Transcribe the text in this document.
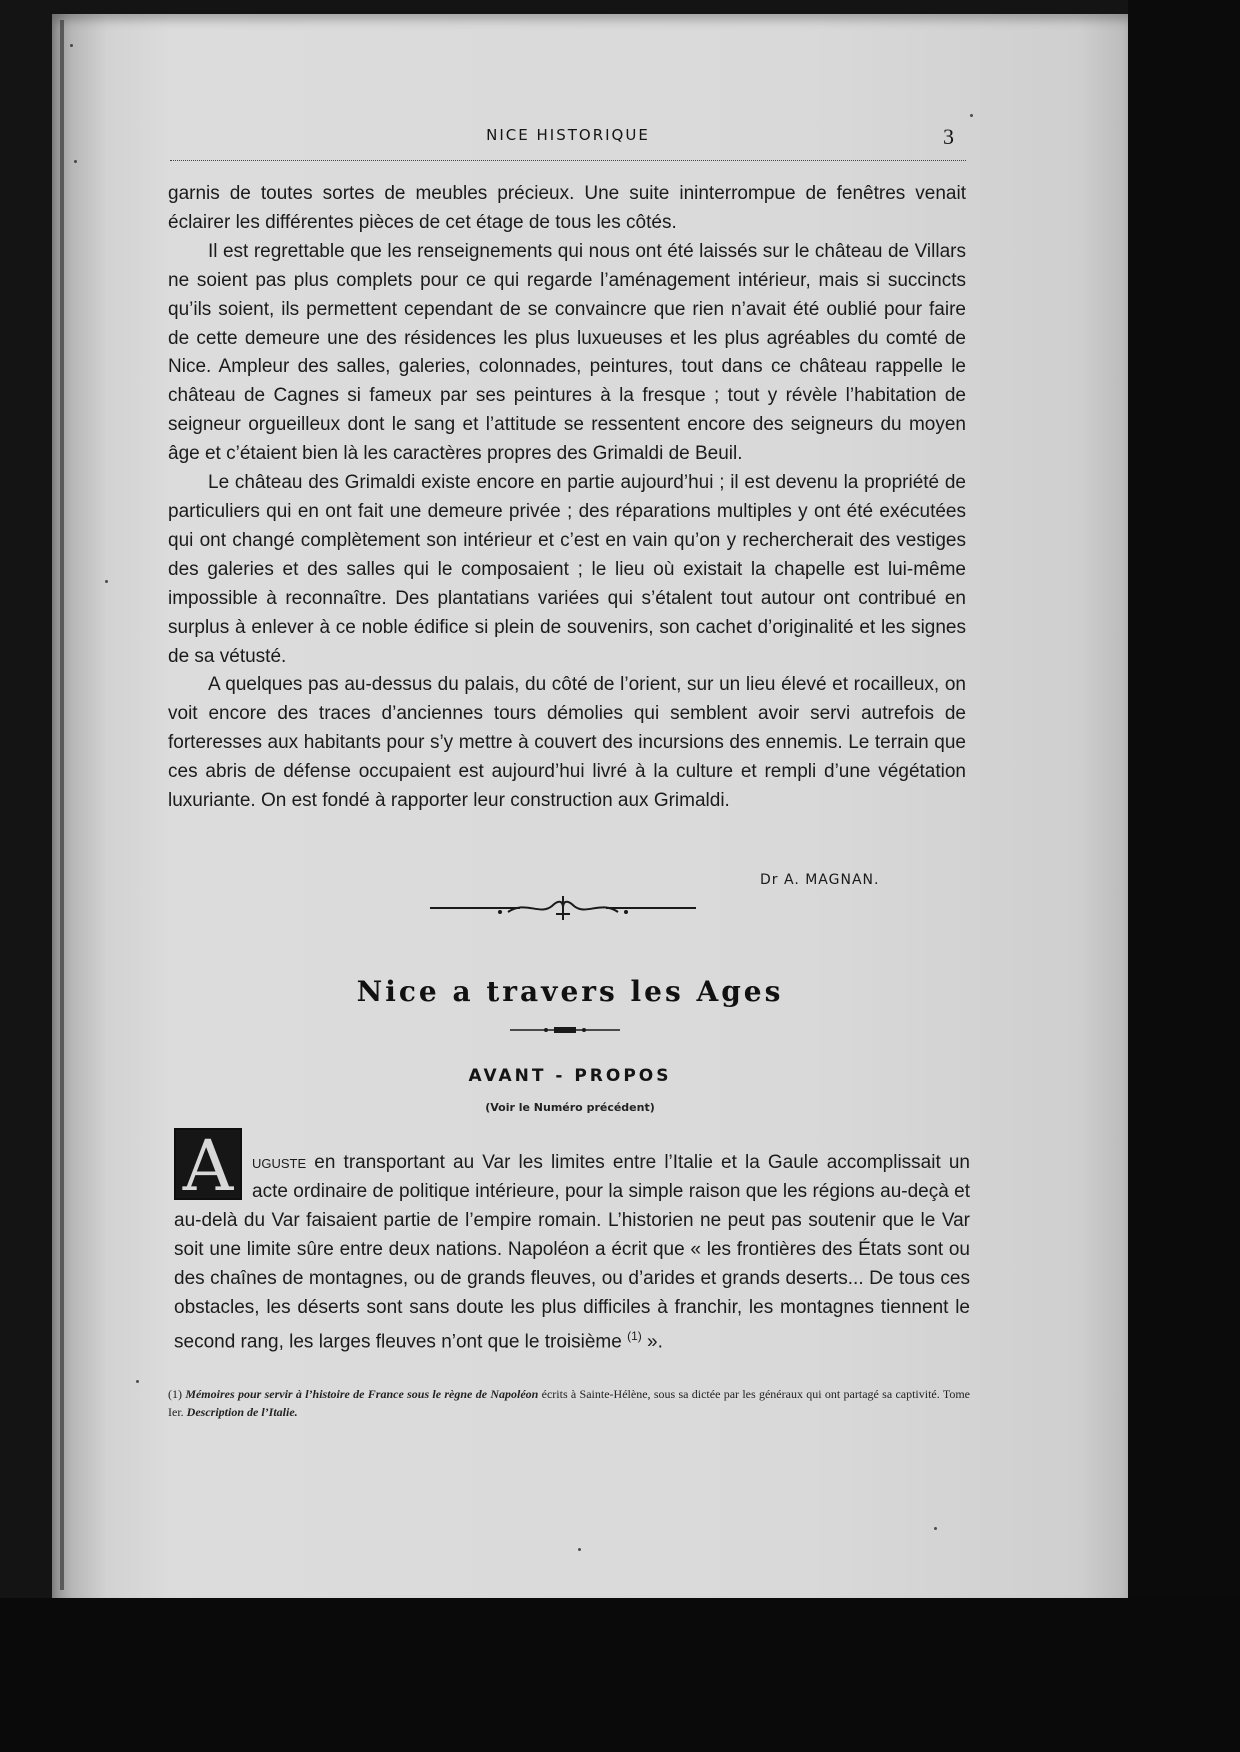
NICE HISTORIQUE	3

garnis de toutes sortes de meubles précieux. Une suite ininterrompue de fenêtres venait éclairer les différentes pièces de cet étage de tous les côtés.

Il est regrettable que les renseignements qui nous ont été laissés sur le château de Villars ne soient pas plus complets pour ce qui regarde l’aménagement intérieur, mais si succincts qu’ils soient, ils permettent cependant de se convaincre que rien n’avait été oublié pour faire de cette demeure une des résidences les plus luxueuses et les plus agréables du comté de Nice. Ampleur des salles, galeries, colonnades, peintures, tout dans ce château rappelle le château de Cagnes si fameux par ses peintures à la fresque ; tout y révèle l’habitation de seigneur orgueilleux dont le sang et l’attitude se ressentent encore des seigneurs du moyen âge et c’étaient bien là les caractères propres des Grimaldi de Beuil.

Le château des Grimaldi existe encore en partie aujourd’hui ; il est devenu la propriété de particuliers qui en ont fait une demeure privée ; des réparations multiples y ont été exécutées qui ont changé complètement son intérieur et c’est en vain qu’on y rechercherait des vestiges des galeries et des salles qui le composaient ; le lieu où existait la chapelle est lui-même impossible à reconnaître. Des plantatians variées qui s’étalent tout autour ont contribué en surplus à enlever à ce noble édifice si plein de souvenirs, son cachet d’originalité et les signes de sa vétusté.

A quelques pas au-dessus du palais, du côté de l’orient, sur un lieu élevé et rocailleux, on voit encore des traces d’anciennes tours démolies qui semblent avoir servi autrefois de forteresses aux habitants pour s’y mettre à couvert des incursions des ennemis. Le terrain que ces abris de défense occupaient est aujourd’hui livré à la culture et rempli d’une végétation luxuriante. On est fondé à rapporter leur construction aux Grimaldi.

Dr A. MAGNAN.
Nice a travers les Ages
AVANT - PROPOS
(Voir le Numéro précédent)
A uguste en transportant au Var les limites entre l’Italie et la Gaule accomplissait un acte ordinaire de politique intérieure, pour la simple raison que les régions au-deçà et au-delà du Var faisaient partie de l’empire romain. L’historien ne peut pas soutenir que le Var soit une limite sûre entre deux nations. Napoléon a écrit que « les frontières des États sont ou des chaînes de montagnes, ou de grands fleuves, ou d’arides et grands deserts... De tous ces obstacles, les déserts sont sans doute les plus difficiles à franchir, les montagnes tiennent le second rang, les larges fleuves n’ont que le troisième $^{(1)}$ ».

(1) Mémoires pour servir à l’histoire de France sous le règne de Napoléon écrits à Sainte-Hélène, sous sa dictée par les généraux qui ont partagé sa captivité. Tome Ier. Description de l’Italie.
